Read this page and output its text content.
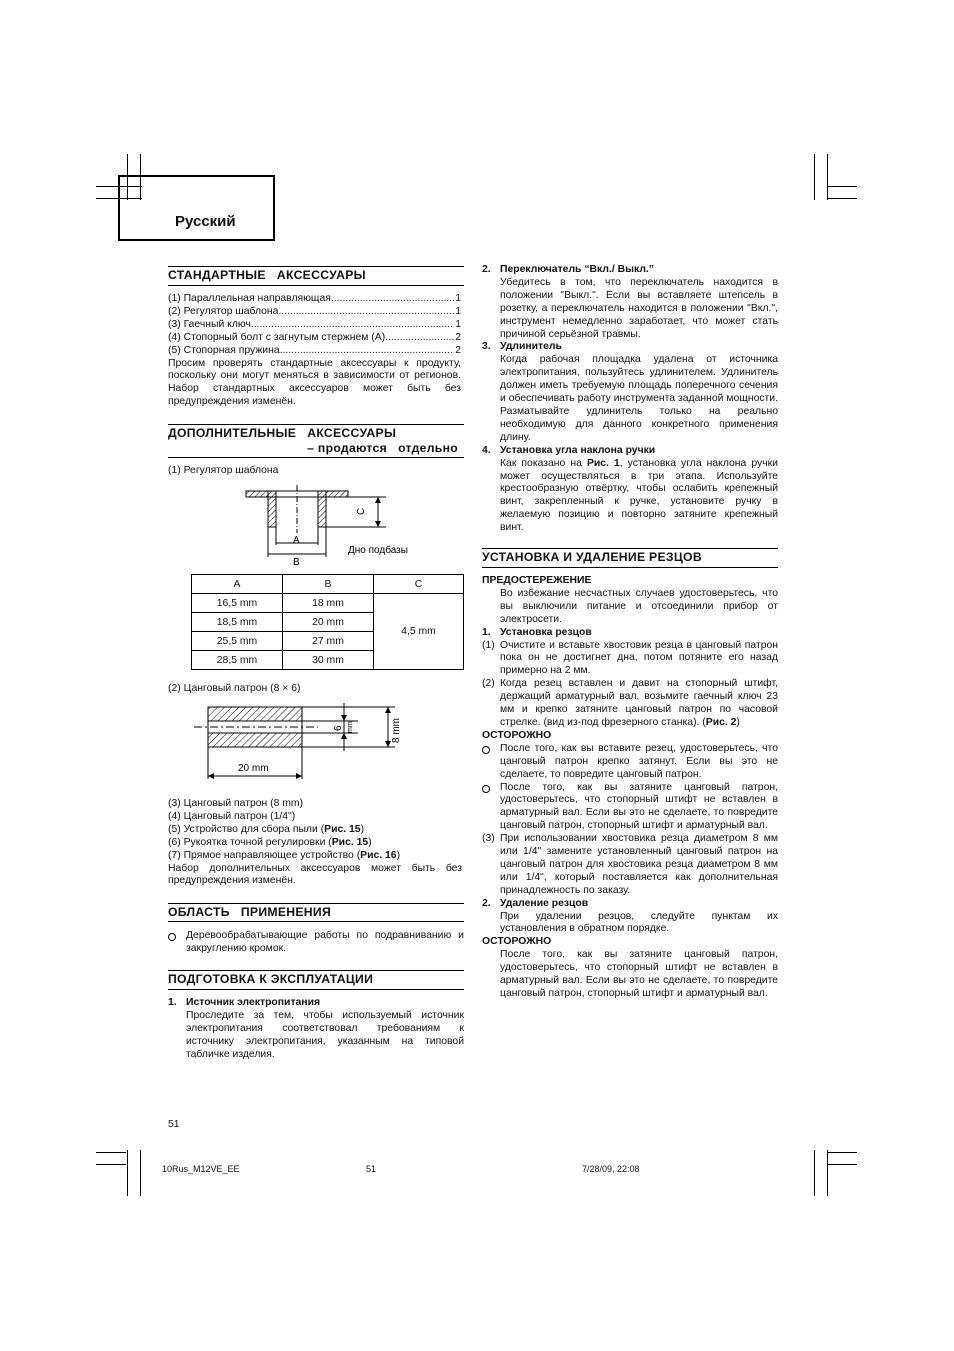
Русский
СТАНДАРТНЫЕ   АКСЕССУАРЫ
(1) Параллельная направляющая .....	1
(2) Регулятор шаблона .....	1
(3) Гаечный ключ .....	1
(4) Стопорный болт с загнутым стержнем (A) .....	2
(5) Стопорная пружина .....	2
Просим проверять стандартные аксессуары к продукту, поскольку они могут меняться в зависимости от регионов. Набор стандартных аксессуаров может быть без предупреждения изменён.
ДОПОЛНИТЕЛЬНЫЕ   АКСЕССУАРЫ
– продаются   отдельно
(1) Регулятор шаблона
A
B
C
Дно подбазы
A	B	C
16,5 mm	18 mm	4,5 mm
18,5 mm	20 mm	
25,5 mm	27 mm	
28,5 mm	30 mm	
(2) Цанговый патрон (8 × 6)
6 mm	8 mm
20 mm
(3) Цанговый патрон (8 mm)
(4) Цанговый патрон (1/4")
(5) Устройство для сбора пыли (Рис. 15)
(6) Рукоятка точной регулировки (Рис. 15)
(7) Прямое направляющее устройство (Рис. 16)
Набор дополнительных аксессуаров может быть без предупреждения изменён.
ОБЛАСТЬ   ПРИМЕНЕНИЯ
Деревообрабатывающие работы по подравниванию и закруглению кромок.
ПОДГОТОВКА К ЭКСПЛУАТАЦИИ
1. Источник электропитания
Проследите за тем, чтобы используемый источник электропитания соответствовал требованиям к источнику электропитания, указанным на типовой табличке изделия.
2. Переключатель “Вкл./ Выкл.”
Убедитесь в том, что переключатель находится в положении "Выкл.". Если вы вставляете штепсель в розетку, а переключатель находится в положении "Вкл.", инструмент немедленно заработает, что может стать причиной серьёзной травмы.
3. Удлинитель
Когда рабочая площадка удалена от источника электропитания, пользуйтесь удлинителем. Удлинитель должен иметь требуемую площадь поперечного сечения и обеспечивать работу инструмента заданной мощности. Разматывайте удлинитель только на реально необходимую для данного конкретного применения длину.
4. Установка угла наклона ручки
Как показано на Рис. 1, установка угла наклона ручки может осуществляться в три этапа. Используйте крестообразную отвёртку, чтобы ослабить крепежный винт, закрепленный к ручке, установите ручку в желаемую позицию и повторно затяните крепежный винт.
УСТАНОВКА И УДАЛЕНИЕ РЕЗЦОВ
ПРЕДОСТЕРЕЖЕНИЕ
Во избежание несчастных случаев удостоверьтесь, что вы выключили питание и отсоединили прибор от электросети.
1. Установка резцов
(1) Очистите и вставьте хвостовик резца в цанговый патрон пока он не достигнет дна, потом потяните его назад примерно на 2 мм.
(2) Когда резец вставлен и давит на стопорный штифт, держащий арматурный вал, возьмите гаечный ключ 23 мм и крепко затяните цанговый патрон по часовой стрелке. (вид из-под фрезерного станка). (Рис. 2)
ОСТОРОЖНО
После того, как вы вставите резец, удостоверьтесь, что цанговый патрон крепко затянут. Если вы это не сделаете, то повредите цанговый патрон.
После того, как вы затяните цанговый патрон, удостоверьтесь, что стопорный штифт не вставлен в арматурный вал. Если вы это не сделаете, то повредите цанговый патрон, стопорный штифт и арматурный вал.
(3) При использовании хвостовика резца диаметром 8 мм или 1/4" замените установленный цанговый патрон на цанговый патрон для хвостовика резца диаметром 8 мм или 1/4", который поставляется как дополнительная принадлежность по заказу.
2. Удаление резцов
При удалении резцов, следуйте пунктам их установления в обратном порядке.
ОСТОРОЖНО
После того, как вы затяните цанговый патрон, удостоверьтесь, что стопорный штифт не вставлен в арматурный вал. Если вы это не сделаете, то повредите цанговый патрон, стопорный штифт и арматурный вал.
51
10Rus_M12VE_EE	51	7/28/09, 22:08
